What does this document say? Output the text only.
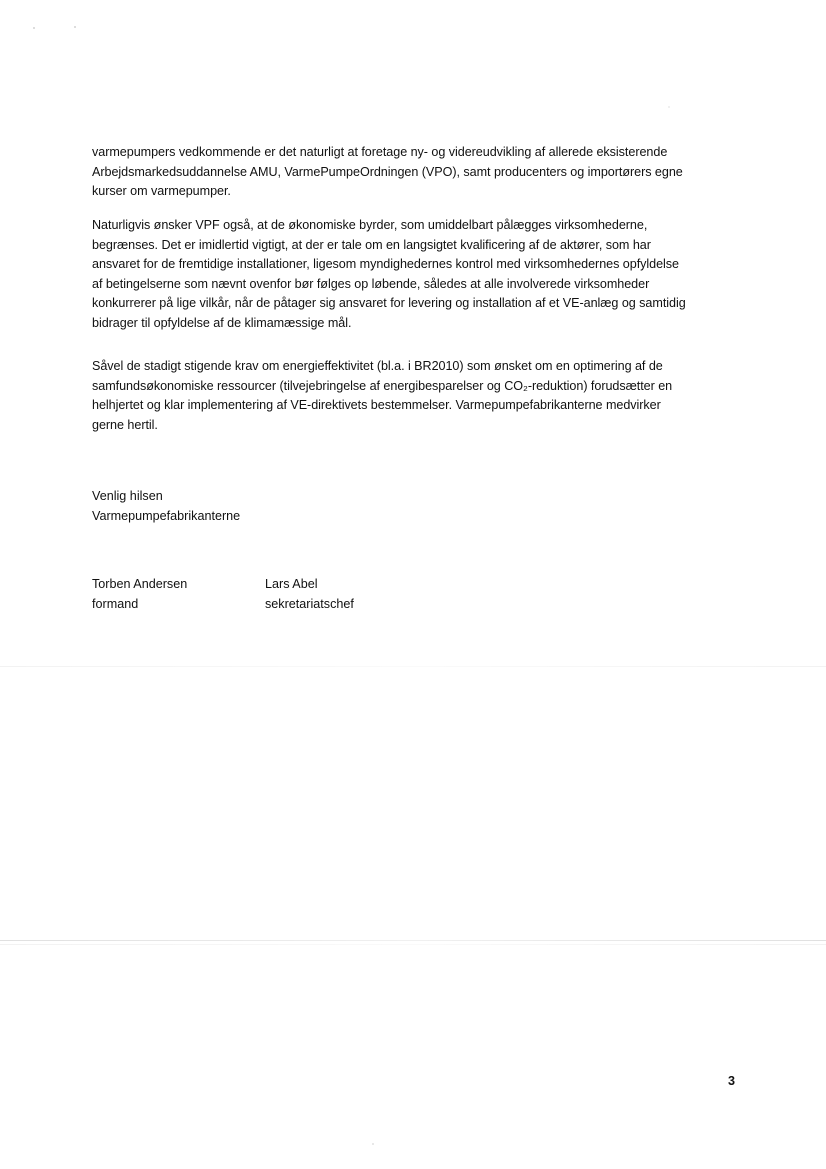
varmepumpers vedkommende er det naturligt at foretage ny- og videreudvikling af allerede eksisterende
Arbejdsmarkedsuddannelse AMU, VarmePumpeOrdningen (VPO), samt producenters og importørers egne
kurser om varmepumper.

Naturligvis ønsker VPF også, at de økonomiske byrder, som umiddelbart pålægges virksomhederne,
begrænses. Det er imidlertid vigtigt, at der er tale om en langsigtet kvalificering af de aktører, som har
ansvaret for de fremtidige installationer, ligesom myndighedernes kontrol med virksomhedernes opfyldelse
af betingelserne som nævnt ovenfor bør følges op løbende, således at alle involverede virksomheder
konkurrerer på lige vilkår, når de påtager sig ansvaret for levering og installation af et VE-anlæg og samtidig
bidrager til opfyldelse af de klimamæssige mål.

Såvel de stadigt stigende krav om energieffektivitet (bl.a. i BR2010) som ønsket om en optimering af de
samfundsøkonomiske ressourcer (tilvejebringelse af energibesparelser og CO₂-reduktion) forudsætter en
helhjertet og klar implementering af VE-direktivets bestemmelser. Varmepumpefabrikanterne medvirker
gerne hertil.

Venlig hilsen
Varmepumpefabrikanterne
Torben Andersen
formand
Lars Abel
sekretariatschef
3
